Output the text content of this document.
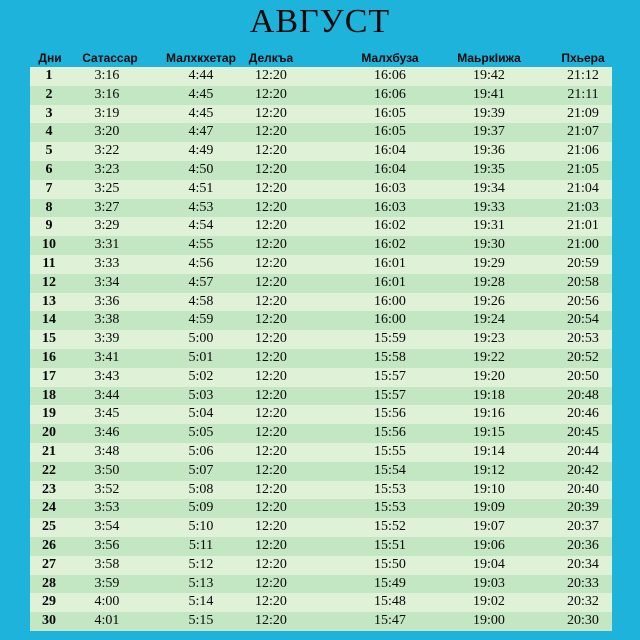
АВГУСТ
Дни	Сатассар	Малхкхетар	Делкъа	Малхбуза	МаьркIижа	Пхьера
1	3:16	4:44	12:20	16:06	19:42	21:12
2	3:16	4:45	12:20	16:06	19:41	21:11
3	3:19	4:45	12:20	16:05	19:39	21:09
4	3:20	4:47	12:20	16:05	19:37	21:07
5	3:22	4:49	12:20	16:04	19:36	21:06
6	3:23	4:50	12:20	16:04	19:35	21:05
7	3:25	4:51	12:20	16:03	19:34	21:04
8	3:27	4:53	12:20	16:03	19:33	21:03
9	3:29	4:54	12:20	16:02	19:31	21:01
10	3:31	4:55	12:20	16:02	19:30	21:00
11	3:33	4:56	12:20	16:01	19:29	20:59
12	3:34	4:57	12:20	16:01	19:28	20:58
13	3:36	4:58	12:20	16:00	19:26	20:56
14	3:38	4:59	12:20	16:00	19:24	20:54
15	3:39	5:00	12:20	15:59	19:23	20:53
16	3:41	5:01	12:20	15:58	19:22	20:52
17	3:43	5:02	12:20	15:57	19:20	20:50
18	3:44	5:03	12:20	15:57	19:18	20:48
19	3:45	5:04	12:20	15:56	19:16	20:46
20	3:46	5:05	12:20	15:56	19:15	20:45
21	3:48	5:06	12:20	15:55	19:14	20:44
22	3:50	5:07	12:20	15:54	19:12	20:42
23	3:52	5:08	12:20	15:53	19:10	20:40
24	3:53	5:09	12:20	15:53	19:09	20:39
25	3:54	5:10	12:20	15:52	19:07	20:37
26	3:56	5:11	12:20	15:51	19:06	20:36
27	3:58	5:12	12:20	15:50	19:04	20:34
28	3:59	5:13	12:20	15:49	19:03	20:33
29	4:00	5:14	12:20	15:48	19:02	20:32
30	4:01	5:15	12:20	15:47	19:00	20:30
